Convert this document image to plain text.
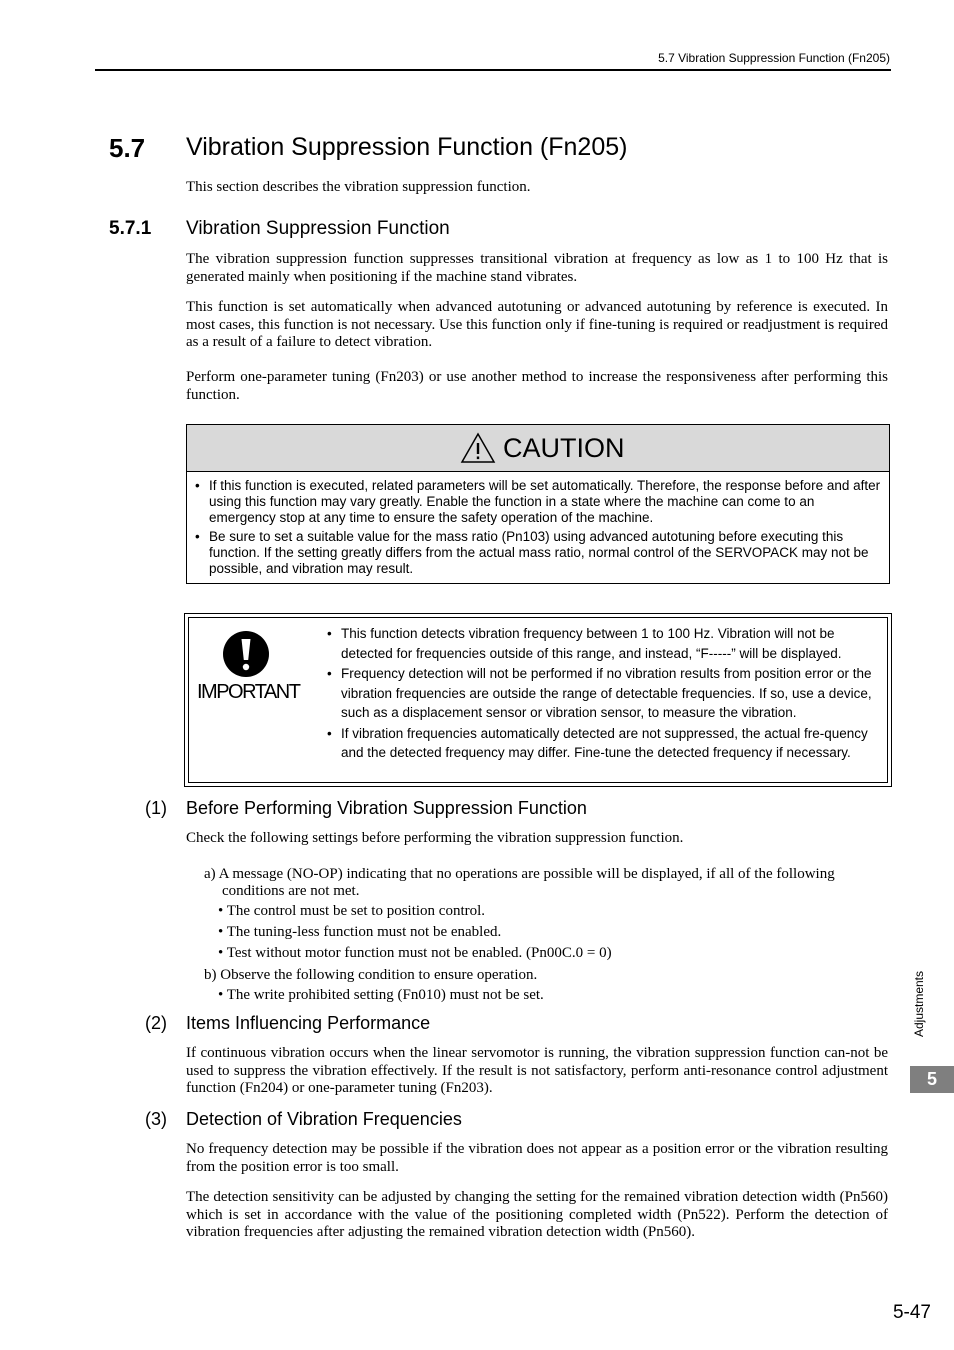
5.7 Vibration Suppression Function (Fn205)
5.7 Vibration Suppression Function (Fn205)
This section describes the vibration suppression function.
5.7.1 Vibration Suppression Function
The vibration suppression function suppresses transitional vibration at frequency as low as 1 to 100 Hz that is generated mainly when positioning if the machine stand vibrates.
This function is set automatically when advanced autotuning or advanced autotuning by reference is executed. In most cases, this function is not necessary. Use this function only if fine-tuning is required or readjustment is required as a result of a failure to detect vibration.
Perform one-parameter tuning (Fn203) or use another method to increase the responsiveness after performing this function.
CAUTION
• If this function is executed, related parameters will be set automatically. Therefore, the response before and after using this function may vary greatly. Enable the function in a state where the machine can come to an emergency stop at any time to ensure the safety operation of the machine.
• Be sure to set a suitable value for the mass ratio (Pn103) using advanced autotuning before executing this function. If the setting greatly differs from the actual mass ratio, normal control of the SERVOPACK may not be possible, and vibration may result.
IMPORTANT
• This function detects vibration frequency between 1 to 100 Hz. Vibration will not be detected for frequencies outside of this range, and instead, “F-----” will be displayed.
• Frequency detection will not be performed if no vibration results from position error or the vibration frequencies are outside the range of detectable frequencies. If so, use a device, such as a displacement sensor or vibration sensor, to measure the vibration.
• If vibration frequencies automatically detected are not suppressed, the actual fre-quency and the detected frequency may differ. Fine-tune the detected frequency if necessary.
(1) Before Performing Vibration Suppression Function
Check the following settings before performing the vibration suppression function.
a) A message (NO-OP) indicating that no operations are possible will be displayed, if all of the following
conditions are not met.
• The control must be set to position control.
• The tuning-less function must not be enabled.
• Test without motor function must not be enabled. (Pn00C.0 = 0)
b) Observe the following condition to ensure operation.
• The write prohibited setting (Fn010) must not be set.
(2) Items Influencing Performance
If continuous vibration occurs when the linear servomotor is running, the vibration suppression function can-not be used to suppress the vibration effectively. If the result is not satisfactory, perform anti-resonance control adjustment function (Fn204) or one-parameter tuning (Fn203).
(3) Detection of Vibration Frequencies
No frequency detection may be possible if the vibration does not appear as a position error or the vibration resulting from the position error is too small.
The detection sensitivity can be adjusted by changing the setting for the remained vibration detection width (Pn560) which is set in accordance with the value of the positioning completed width (Pn522). Perform the detection of vibration frequencies after adjusting the remained vibration detection width (Pn560).
Adjustments
5
5-47
